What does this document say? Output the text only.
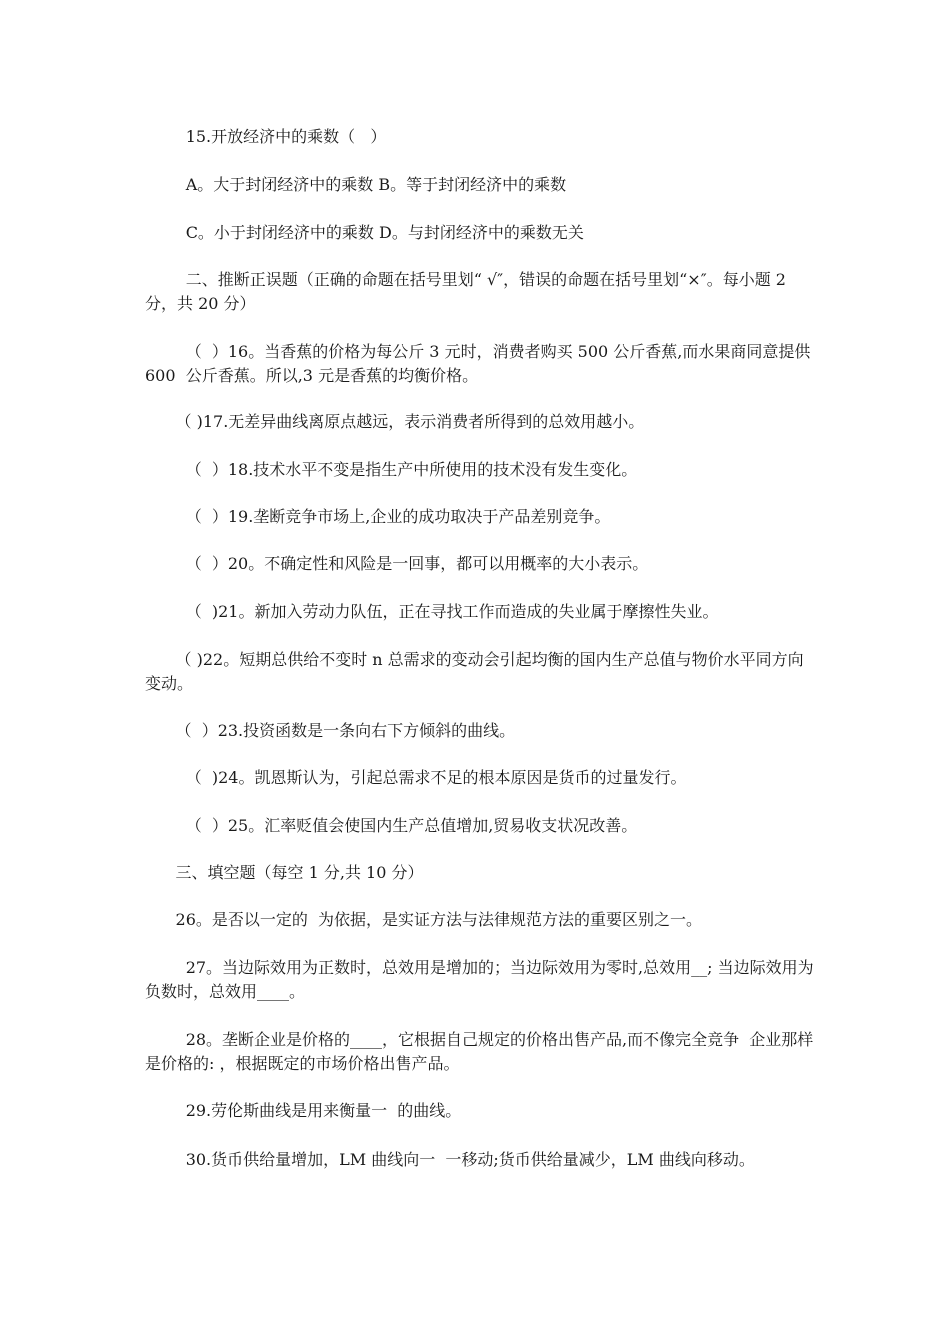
15.开放经济中的乘数（   ）
A。大于封闭经济中的乘数 B。等于封闭经济中的乘数
C。小于封闭经济中的乘数 D。与封闭经济中的乘数无关
二、推断正误题（正确的命题在括号里划“ √″，错误的命题在括号里划“×″。每小题 2 分，共 20 分）
（  ）16。当香蕉的价格为每公斤 3 元时，消费者购买 500 公斤香蕉,而水果商同意提供 600  公斤香蕉。所以,3 元是香蕉的均衡价格。
（ )17.无差异曲线离原点越远，表示消费者所得到的总效用越小。
（  ）18.技术水平不变是指生产中所使用的技术没有发生变化。
（  ）19.垄断竞争市场上,企业的成功取决于产品差别竞争。
（  ）20。不确定性和风险是一回事，都可以用概率的大小表示。
（  )21。新加入劳动力队伍，正在寻找工作而造成的失业属于摩擦性失业。
（ )22。短期总供给不变时 n 总需求的变动会引起均衡的国内生产总值与物价水平同方向  变动。
（  ）23.投资函数是一条向右下方倾斜的曲线。
（  )24。凯恩斯认为，引起总需求不足的根本原因是货币的过量发行。
（  ）25。汇率贬值会使国内生产总值增加,贸易收支状况改善。
三、填空题（每空 1 分,共 10 分）
26。是否以一定的  为依据，是实证方法与法律规范方法的重要区别之一。
27。当边际效用为正数时，总效用是增加的；当边际效用为零时,总效用__; 当边际效用为负数时，总效用____。
28。垄断企业是价格的____，它根据自己规定的价格出售产品,而不像完全竞争  企业那样是价格的: ，根据既定的市场价格出售产品。
29.劳伦斯曲线是用来衡量一  的曲线。
30.货币供给量增加，LM 曲线向一  一移动;货币供给量减少，LM 曲线向移动。
